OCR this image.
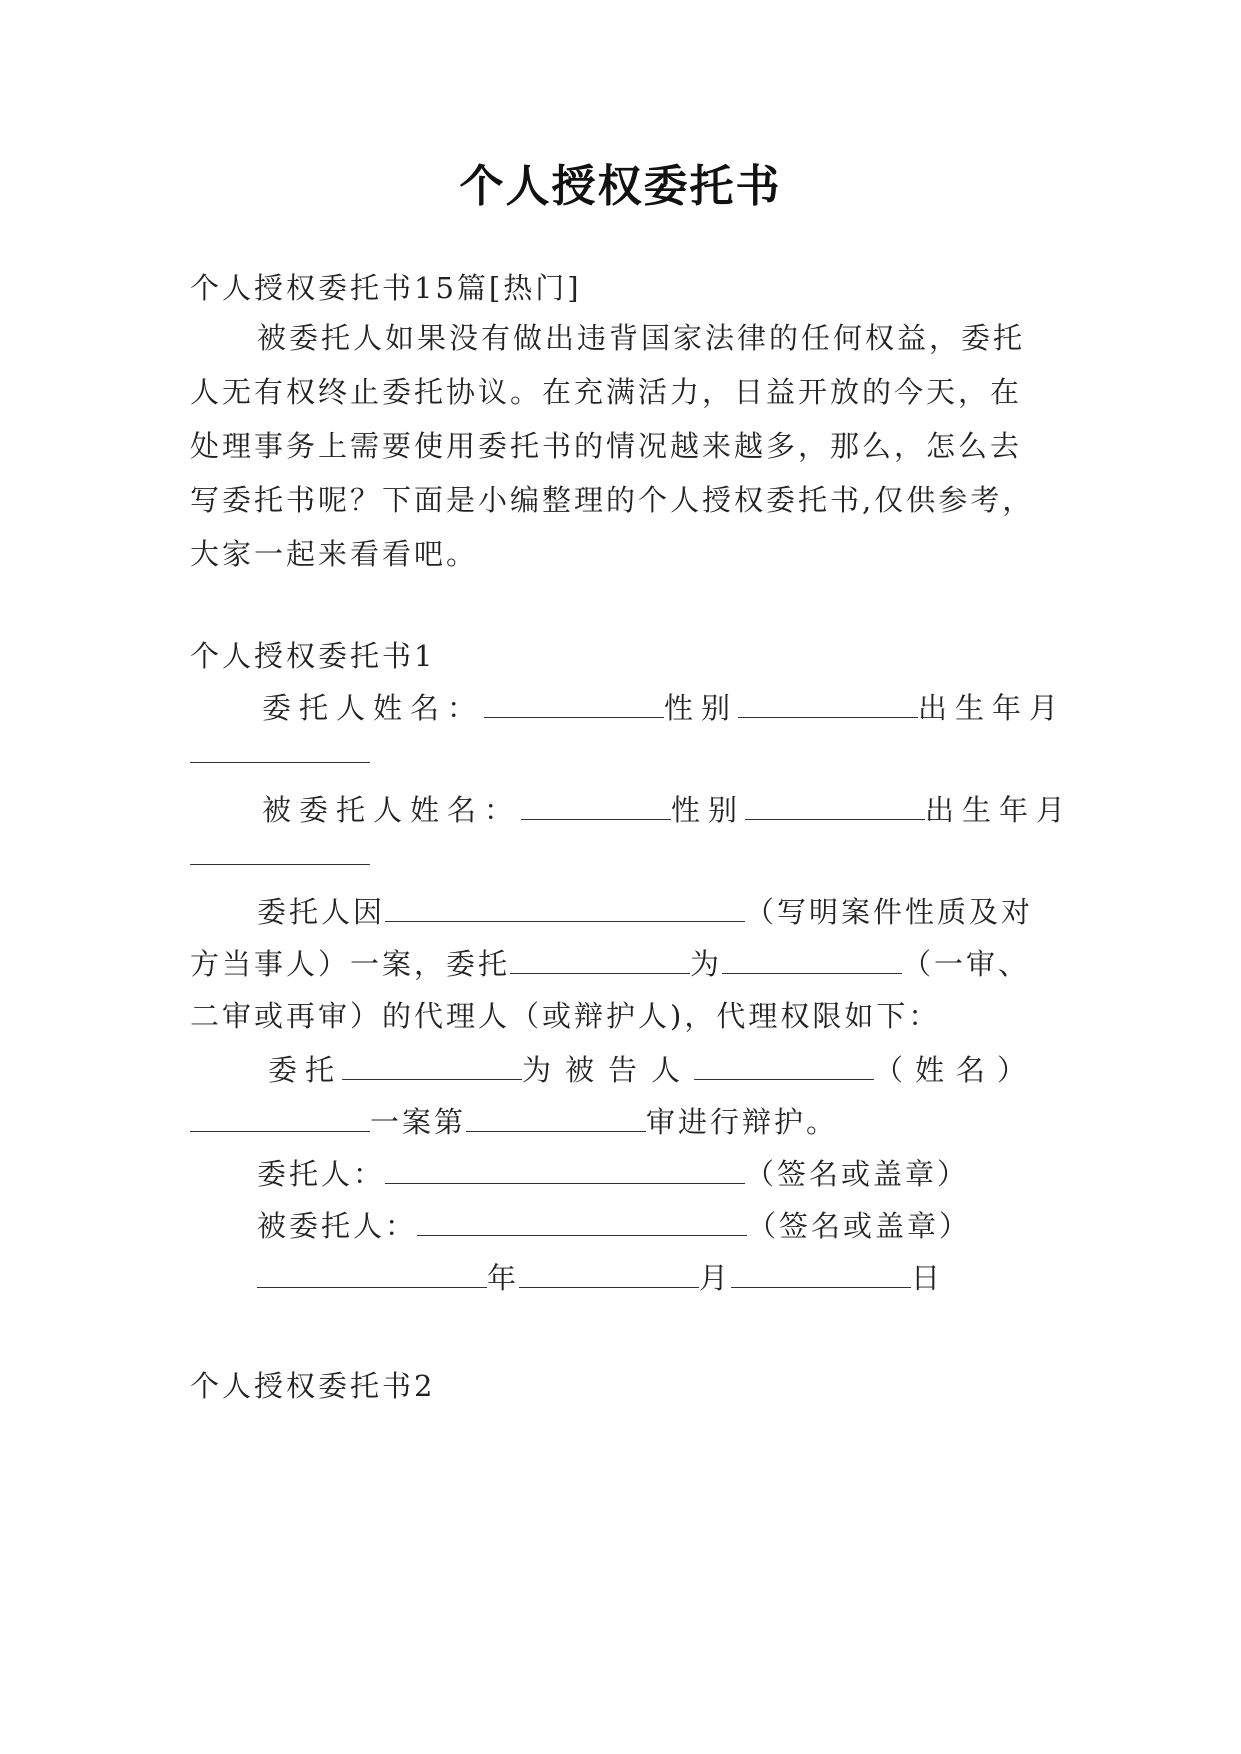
个人授权委托书
个人授权委托书15篇[热门]
被委托人如果没有做出违背国家法律的任何权益，委托
人无有权终止委托协议。在充满活力，日益开放的今天，在
处理事务上需要使用委托书的情况越来越多，那么，怎么去
写委托书呢？下面是小编整理的个人授权委托书,仅供参考，
大家一起来看看吧。
个人授权委托书1
委托人姓名：	性别	出生年月
被委托人姓名：	性别	出生年月
委托人因	（写明案件性质及对
方当事人）一案，委托	为	（一审、
二审或再审）的代理人（或辩护人)，代理权限如下：
委托	为被告人	（姓名）
一案第	审进行辩护。
委托人：	（签名或盖章）
被委托人：	（签名或盖章）
年	月	日
个人授权委托书2
